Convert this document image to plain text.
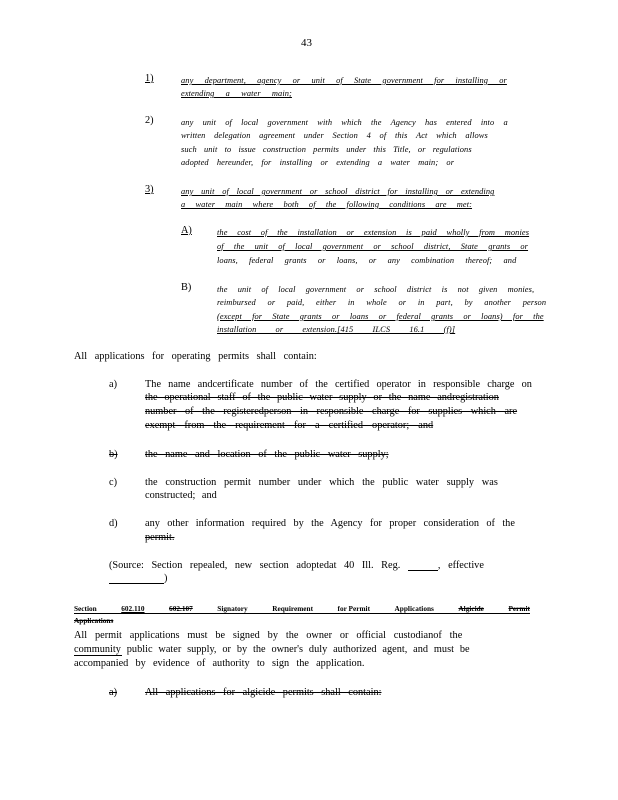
43
1)	any department, agency or unit of State government for installing or
extending a water main;
2)	any unit of local government with which the Agency has entered into a
written delegation agreement under Section 4 of this Act which allows
such unit to issue construction permits under this Title, or regulations
adopted hereunder, for installing or extending a water main; or
3)	any unit of local government or school district for installing or extending
a water main where both of the following conditions are met:
A)	the cost of the installation or extension is paid wholly from monies
of the unit of local government or school district, State grants or
loans, federal grants or loans, or any combination thereof; and
B)	the unit of local government or school district is not given monies,
reimbursed or paid, either in whole or in part, by another person
(except for State grants or loans or federal grants or loans) for the
installation or extension.[415 ILCS 16.1 (f)]
All applications for operating permits shall contain:
a)	The name andcertificate number of the certified operator in responsible charge on
the operational staff of the public water supply or the name andregistration
number of the registeredperson in responsible charge for supplies which are
exempt from the requirement for a certified operator; and
b)	the name and location of the public water supply;
c)	the construction permit number under which the public water supply was
constructed; and
d)	any other information required by the Agency for proper consideration of the
permit.
(Source: Section repealed, new section adoptedat 40 Ill. Reg.	, effective
)
Section	602.110	602.107	Signatory	Requirement	for Permit	Applications	Algicide	Permit
Applications
All permit applications must be signed by the owner or official custodianof the
community public water supply, or by the owner's duly authorized agent, and must be
accompanied by evidence of authority to sign the application.
a)	All applications for algicide permits shall contain:
